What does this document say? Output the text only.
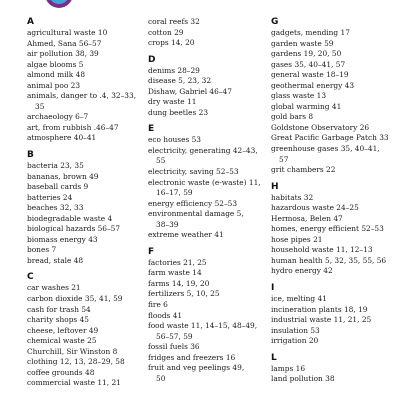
A
agricultural waste 10
Ahmed, Sana 56–57
air pollution 38, 39
algae blooms 5
almond milk 48
animal poo 23
animals, danger to .4, 32–33,
35
archaeology 6–7
art, from rubbish .46–47
atmosphere 40–41
B
bacteria 23, 35
bananas, brown 49
baseball cards 9
batteries 24
beaches 32, 33
biodegradable waste 4
biological hazards 56–57
biomass energy 43
bones 7
bread, stale 48
C
car washes 21
carbon dioxide 35, 41, 59
cash for trash 54
charity shops 45
cheese, leftover 49
chemical waste 25
Churchill, Sir Winston 8
clothing 12, 13, 28–29, 58
coffee grounds 48
commercial waste 11, 21
coral reefs 32
cotton 29
crops 14, 20
D
denims 28–29
disease 5, 23, 32
Dishaw, Gabriel 46–47
dry waste 11
dung beetles 23
E
eco houses 53
electricity, generating 42–43,
55
electricity, saving 52–53
electronic waste (e-waste) 11,
16–17, 59
energy efficiency 52–53
environmental damage 5,
38–39
extreme weather 41
F
factories 21, 25
farm waste 14
farms 14, 19, 20
fertilizers 5, 10, 25
fire 6
floods 41
food waste 11, 14–15, 48–49,
56–57, 59
fossil fuels 36
fridges and freezers 16
fruit and veg peelings 49,
50
G
gadgets, mending 17
garden waste 59
gardens 19, 20, 50
gases 35, 40–41, 57
general waste 18–19
geothermal energy 43
glass waste 13
global warming 41
gold bars 8
Goldstone Observatory 26
Great Pacific Garbage Patch 33
greenhouse gases 35, 40–41,
57
grit chambers 22
H
habitats 32
hazardous waste 24–25
Hermosa, Belen 47
homes, energy efficient 52–53
hose pipes 21
household waste 11, 12–13
human health 5, 32, 35, 55, 56
hydro energy 42
I
ice, melting 41
incineration plants 18, 19
industrial waste 11, 21, 25
insulation 53
irrigation 20
L
lamps 16
land pollution 38
